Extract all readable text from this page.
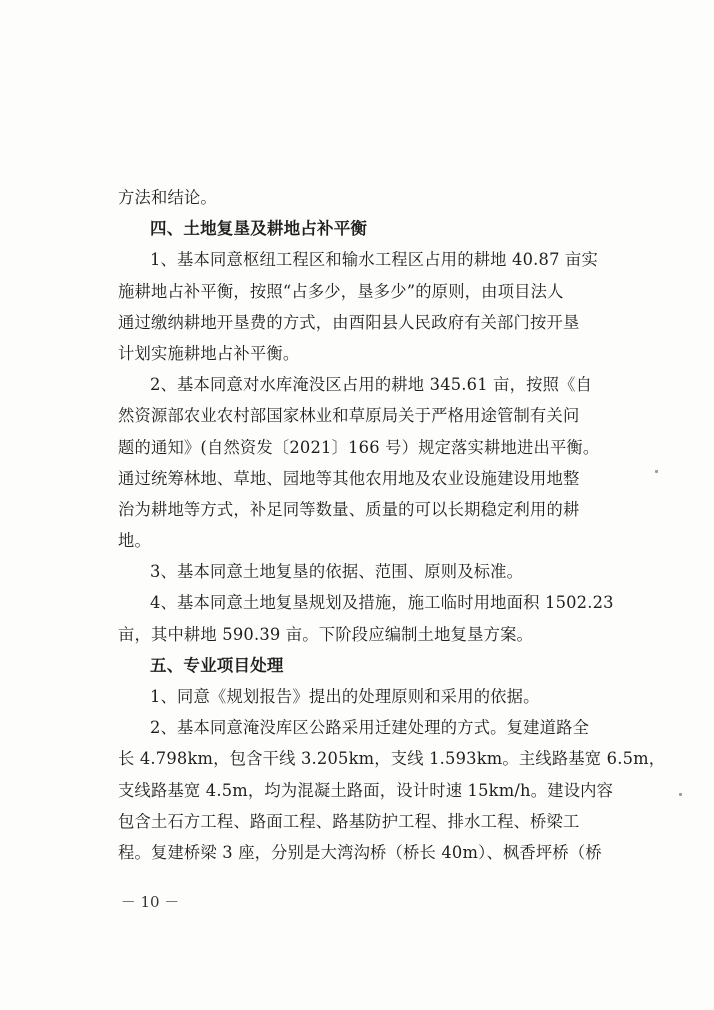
方法和结论。
四、土地复垦及耕地占补平衡
1、基本同意枢纽工程区和输水工程区占用的耕地 40.87 亩实
施耕地占补平衡，按照“占多少，垦多少”的原则，由项目法人
通过缴纳耕地开垦费的方式，由酉阳县人民政府有关部门按开垦
计划实施耕地占补平衡。
2、基本同意对水库淹没区占用的耕地 345.61 亩，按照《自
然资源部农业农村部国家林业和草原局关于严格用途管制有关问
题的通知》(自然资发〔2021〕166 号）规定落实耕地进出平衡。
通过统筹林地、草地、园地等其他农用地及农业设施建设用地整
治为耕地等方式，补足同等数量、质量的可以长期稳定利用的耕
地。
3、基本同意土地复垦的依据、范围、原则及标准。
4、基本同意土地复垦规划及措施，施工临时用地面积 1502.23
亩，其中耕地 590.39 亩。下阶段应编制土地复垦方案。
五、专业项目处理
1、同意《规划报告》提出的处理原则和采用的依据。
2、基本同意淹没库区公路采用迁建处理的方式。复建道路全
长 4.798km，包含干线 3.205km，支线 1.593km。主线路基宽 6.5m，
支线路基宽 4.5m，均为混凝土路面，设计时速 15km/h。建设内容
包含土石方工程、路面工程、路基防护工程、排水工程、桥梁工
程。复建桥梁 3 座，分别是大湾沟桥（桥长 40m）、枫香坪桥（桥
－ 10 －
